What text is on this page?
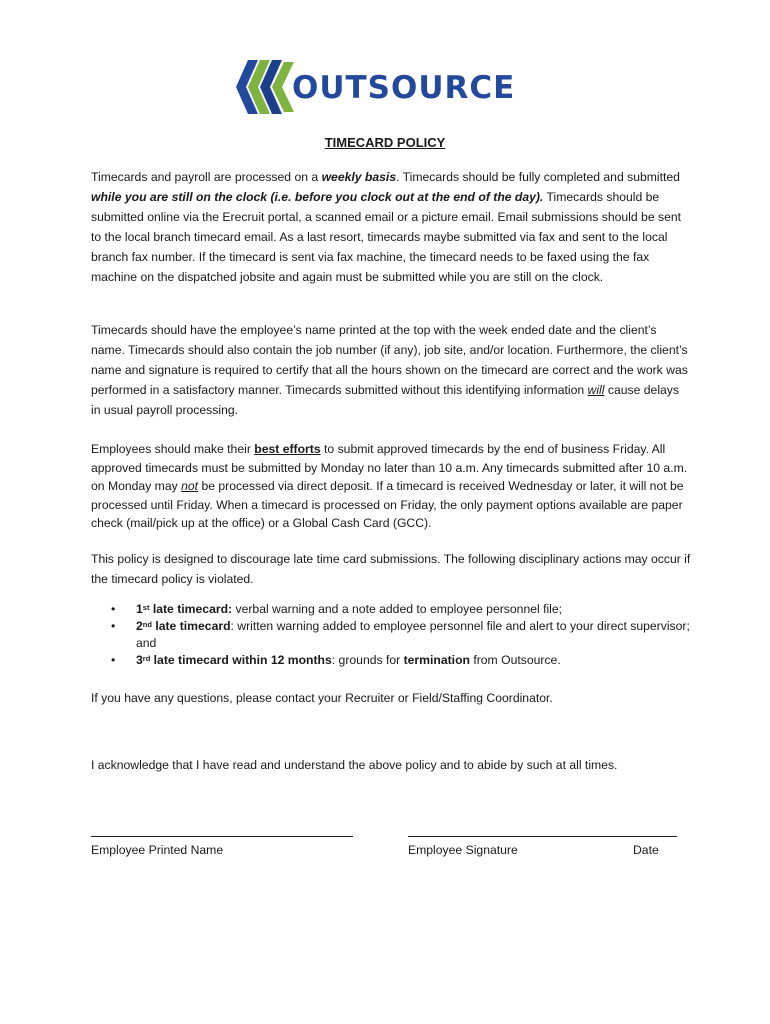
OUTSOURCE
TIMECARD POLICY
Timecards and payroll are processed on a weekly basis. Timecards should be fully completed and submitted while you are still on the clock (i.e. before you clock out at the end of the day). Timecards should be submitted online via the Erecruit portal, a scanned email or a picture email. Email submissions should be sent to the local branch timecard email. As a last resort, timecards maybe submitted via fax and sent to the local branch fax number. If the timecard is sent via fax machine, the timecard needs to be faxed using the fax machine on the dispatched jobsite and again must be submitted while you are still on the clock.
Timecards should have the employee’s name printed at the top with the week ended date and the client’s name. Timecards should also contain the job number (if any), job site, and/or location. Furthermore, the client’s name and signature is required to certify that all the hours shown on the timecard are correct and the work was performed in a satisfactory manner. Timecards submitted without this identifying information will cause delays in usual payroll processing.
Employees should make their best efforts to submit approved timecards by the end of business Friday. All approved timecards must be submitted by Monday no later than 10 a.m. Any timecards submitted after 10 a.m. on Monday may not be processed via direct deposit. If a timecard is received Wednesday or later, it will not be processed until Friday. When a timecard is processed on Friday, the only payment options available are paper check (mail/pick up at the office) or a Global Cash Card (GCC).
This policy is designed to discourage late time card submissions. The following disciplinary actions may occur if the timecard policy is violated.
• 1st late timecard: verbal warning and a note added to employee personnel file;
• 2nd late timecard: written warning added to employee personnel file and alert to your direct supervisor; and
• 3rd late timecard within 12 months: grounds for termination from Outsource.
If you have any questions, please contact your Recruiter or Field/Staffing Coordinator.
I acknowledge that I have read and understand the above policy and to abide by such at all times.
Employee Printed Name	Employee Signature	Date
